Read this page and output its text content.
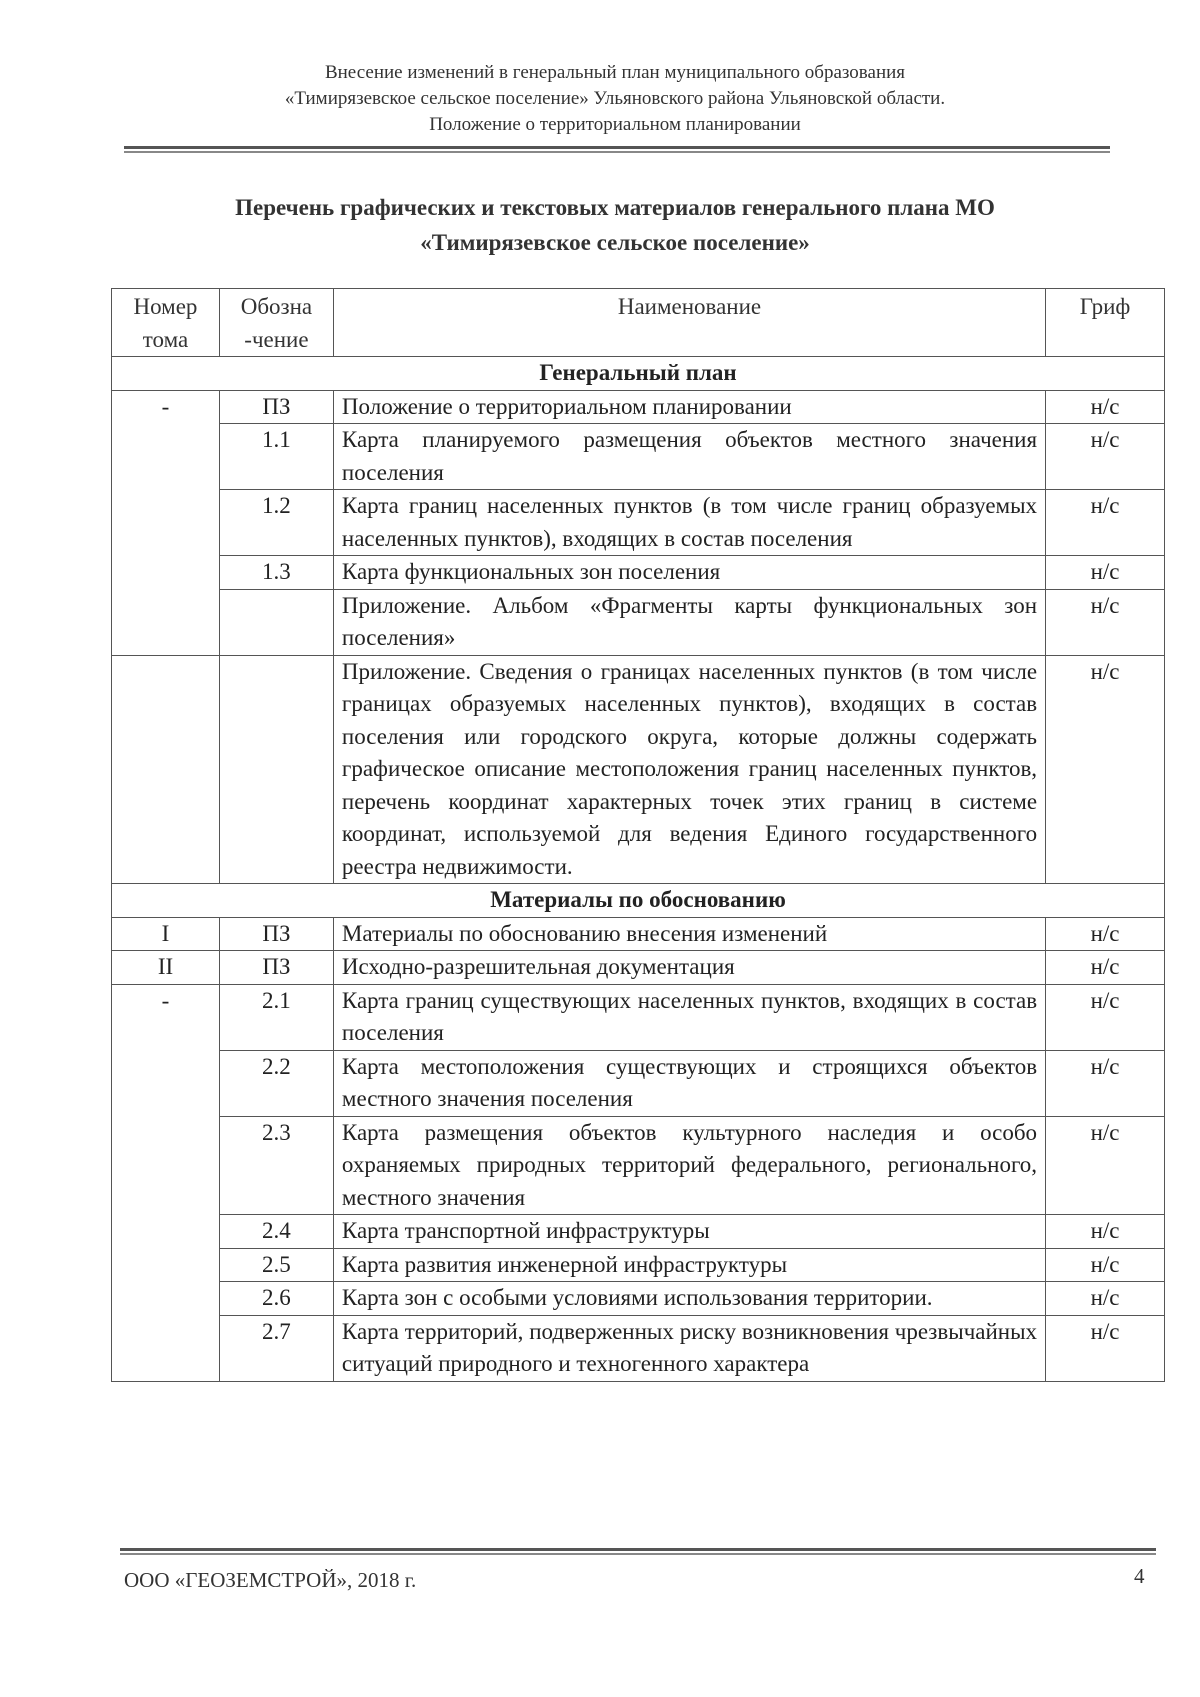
Внесение изменений в генеральный план муниципального образования
«Тимирязевское сельское поселение» Ульяновского района Ульяновской области.
Положение о территориальном планировании
Перечень графических и текстовых материалов генерального плана МО
«Тимирязевское сельское поселение»
Номер тома	Обозна -чение	Наименование	Гриф
Генеральный план			
-	ПЗ	Положение о территориальном планировании	н/с
	1.1	Карта планируемого размещения объектов местного значения поселения	н/с
	1.2	Карта границ населенных пунктов (в том числе границ образуемых населенных пунктов), входящих в состав поселения	н/с
	1.3	Карта функциональных зон поселения	н/с
		Приложение. Альбом «Фрагменты карты функциональных зон поселения»	н/с
		Приложение. Сведения о границах населенных пунктов (в том числе границах образуемых населенных пунктов), входящих в состав поселения или городского округа, которые должны содержать графическое описание местоположения границ населенных пунктов, перечень координат характерных точек этих границ в системе координат, используемой для ведения Единого государственного реестра недвижимости.	н/с
Материалы по обоснованию			
I	ПЗ	Материалы по обоснованию внесения изменений	н/с
II	ПЗ	Исходно-разрешительная документация	н/с
-	2.1	Карта границ существующих населенных пунктов, входящих в состав поселения	н/с
	2.2	Карта местоположения существующих и строящихся объектов местного значения поселения	н/с
	2.3	Карта размещения объектов культурного наследия и особо охраняемых природных территорий федерального, регионального, местного значения	н/с
	2.4	Карта транспортной инфраструктуры	н/с
	2.5	Карта развития инженерной инфраструктуры	н/с
	2.6	Карта зон с особыми условиями использования территории.	н/с
	2.7	Карта территорий, подверженных риску возникновения чрезвычайных ситуаций природного и техногенного характера	н/с
ООО «ГЕОЗЕМСТРОЙ», 2018 г.	4
